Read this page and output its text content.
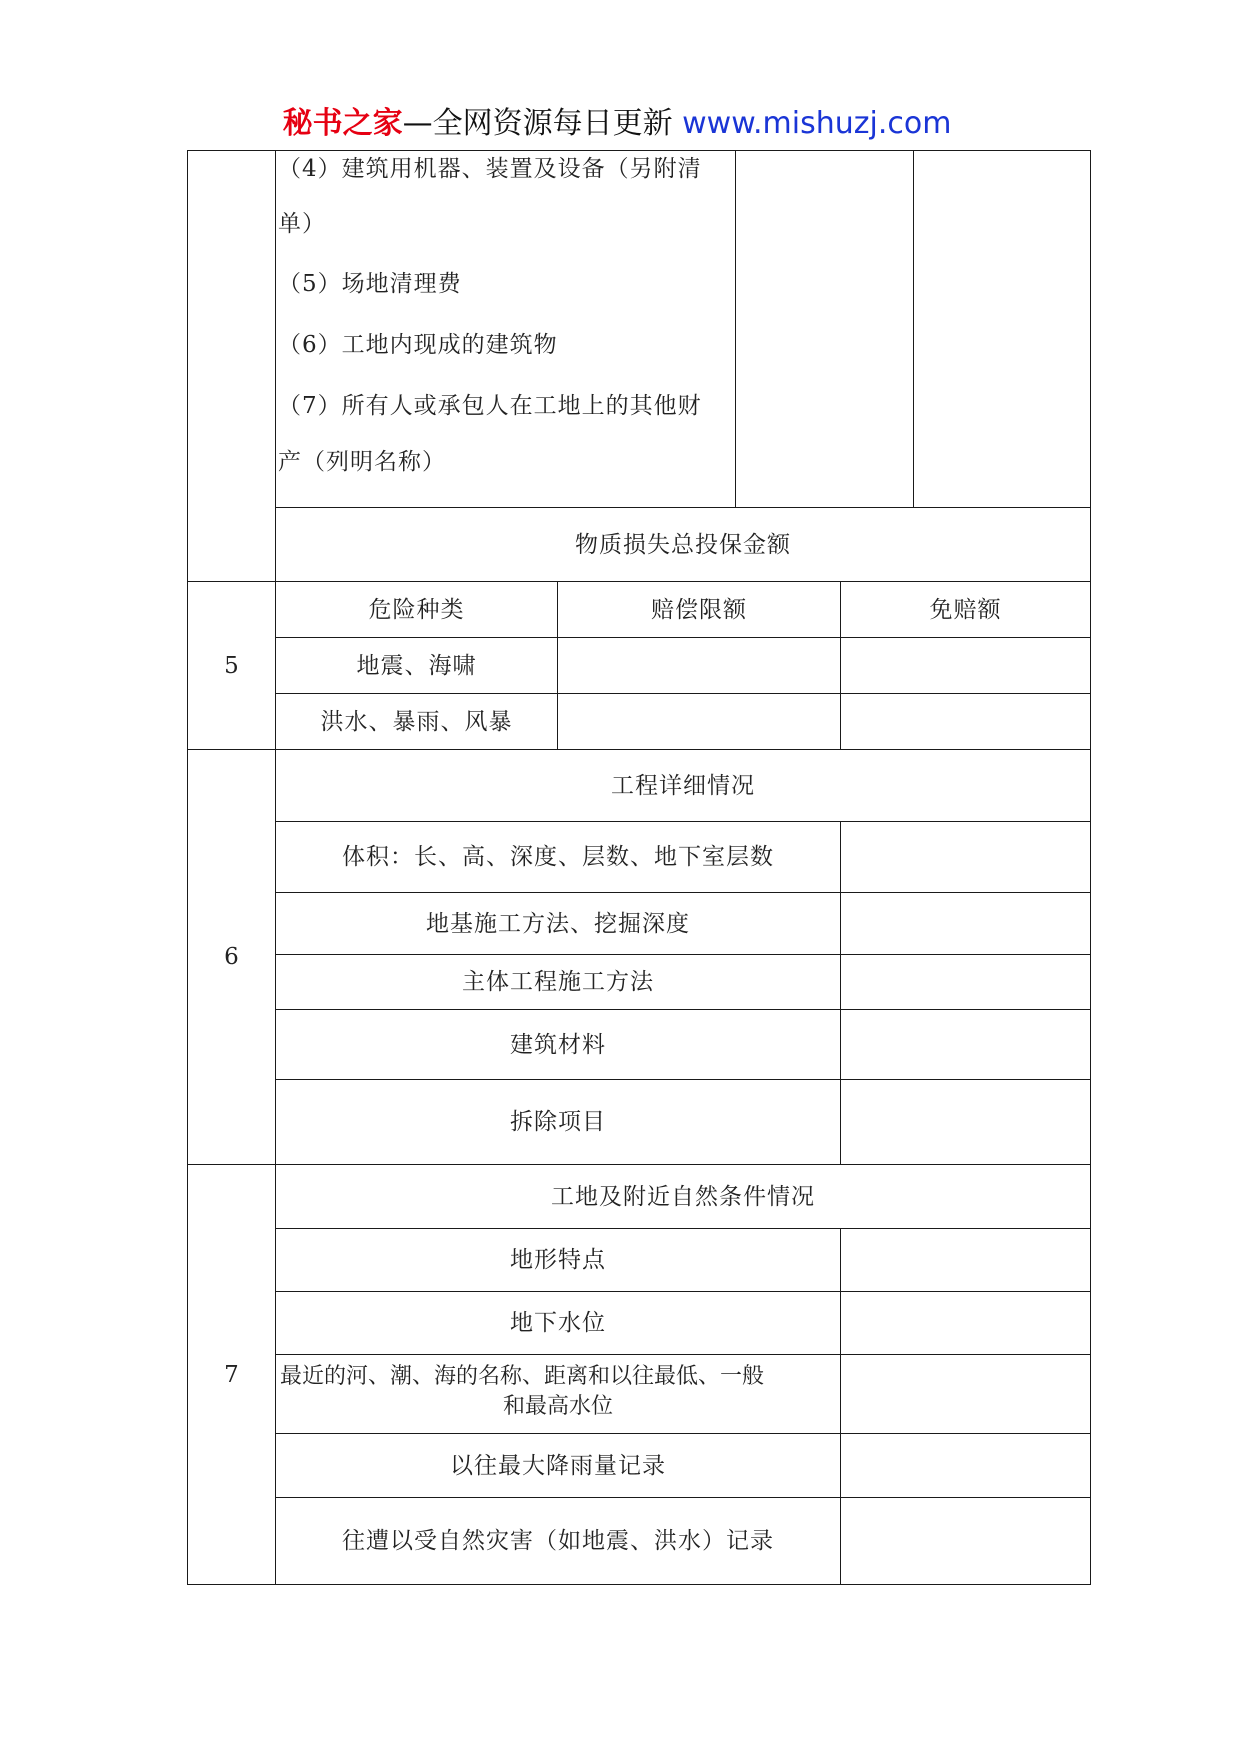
秘书之家—全网资源每日更新 www.mishuzj.com
（4）建筑用机器、装置及设备（另附清
单）
（5）场地清理费
（6）工地内现成的建筑物
（7）所有人或承包人在工地上的其他财
产（列明名称）
物质损失总投保金额
5
危险种类	赔偿限额	免赔额
地震、海啸
洪水、暴雨、风暴
6
工程详细情况
体积：长、高、深度、层数、地下室层数
地基施工方法、挖掘深度
主体工程施工方法
建筑材料
拆除项目
7
工地及附近自然条件情况
地形特点
地下水位
最近的河、潮、海的名称、距离和以往最低、一般
和最高水位
以往最大降雨量记录
往遭以受自然灾害（如地震、洪水）记录
